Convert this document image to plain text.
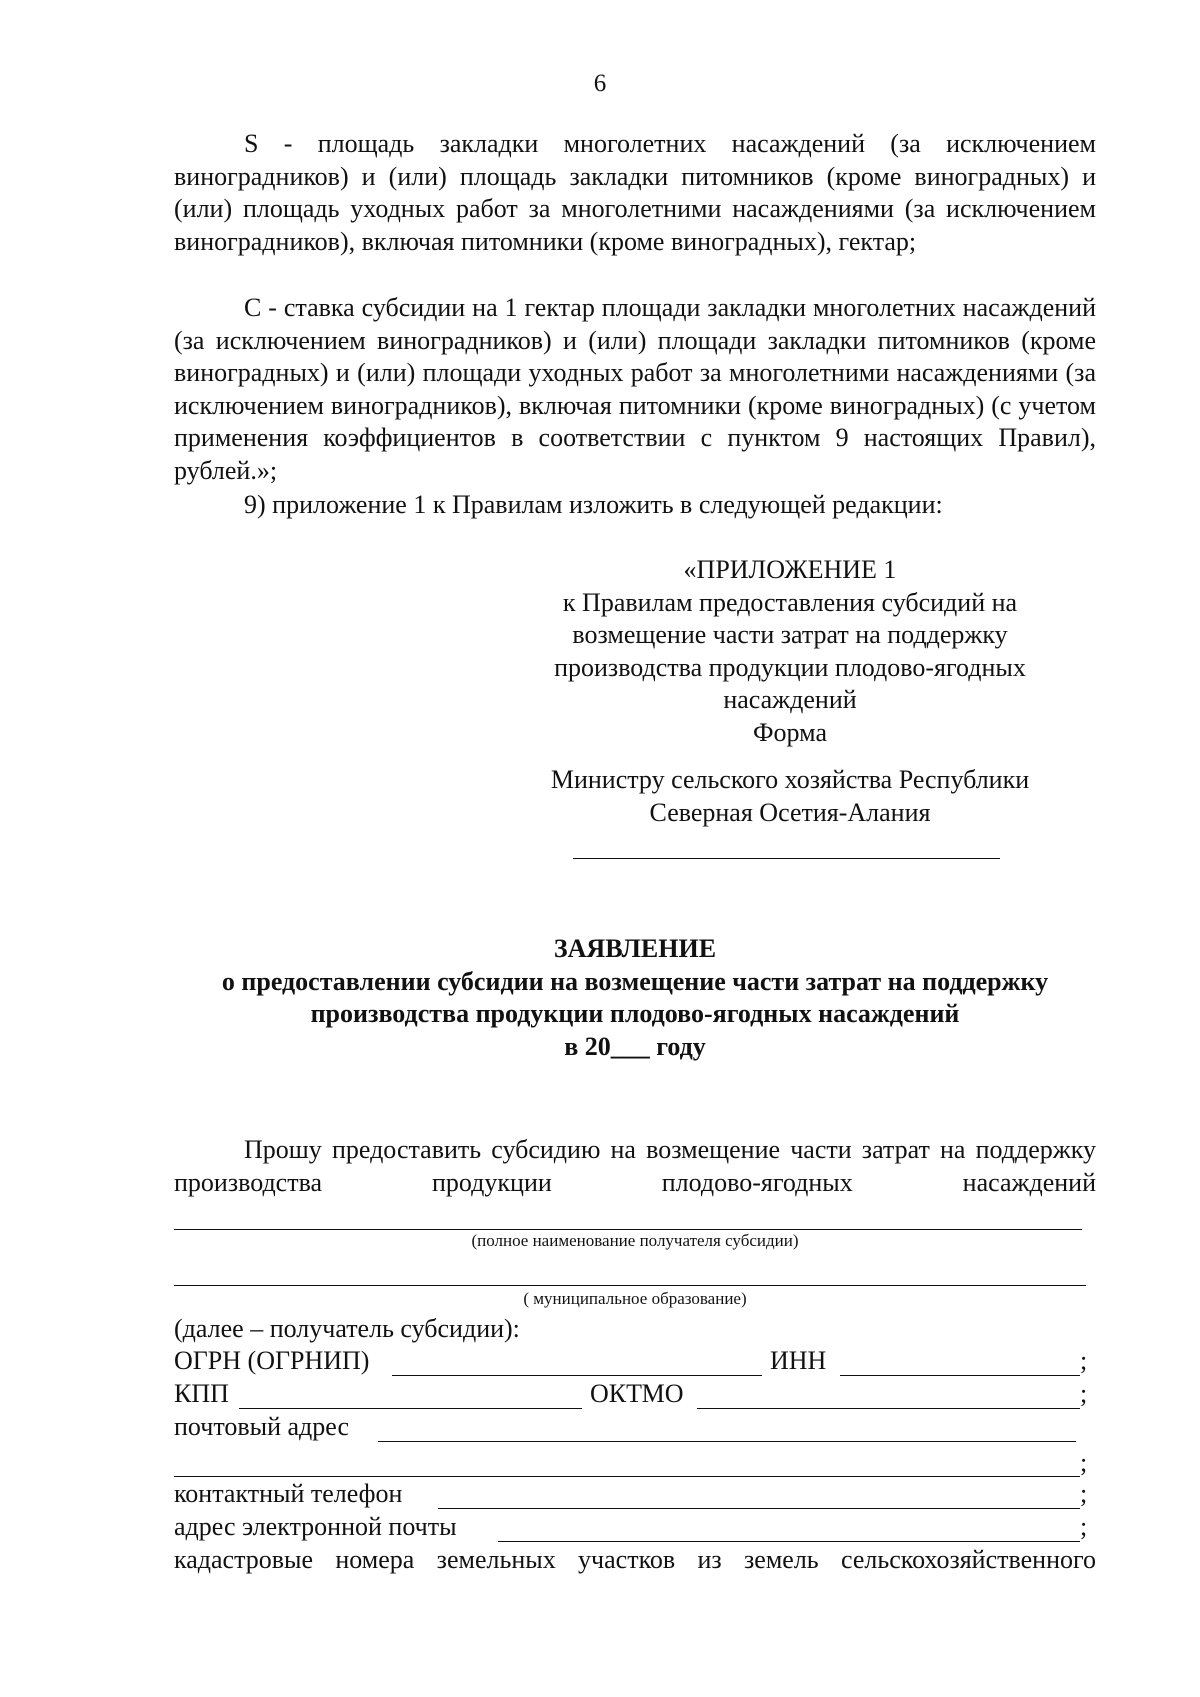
6

S - площадь закладки многолетних насаждений (за исключением виноградников) и (или) площадь закладки питомников (кроме виноградных) и (или) площадь уходных работ за многолетними насаждениями (за исключением виноградников), включая питомники (кроме виноградных), гектар;

С - ставка субсидии на 1 гектар площади закладки многолетних насаждений (за исключением виноградников) и (или) площади закладки питомников (кроме виноградных) и (или) площади уходных работ за многолетними насаждениями (за исключением виноградников), включая питомники (кроме виноградных) (с учетом применения коэффициентов в соответствии с пунктом 9 настоящих Правил), рублей.»;

9) приложение 1 к Правилам изложить в следующей редакции:

«ПРИЛОЖЕНИЕ 1
к Правилам предоставления субсидий на
возмещение части затрат на поддержку
производства продукции плодово-ягодных
насаждений
Форма
Министру сельского хозяйства Республики
Северная Осетия-Алания
ЗАЯВЛЕНИЕ
о предоставлении субсидии на возмещение части затрат на поддержку
производства продукции плодово-ягодных насаждений
в 20___ году

Прошу предоставить субсидию на возмещение части затрат на поддержку производства продукции плодово-ягодных насаждений

(полное наименование получателя субсидии)
( муниципальное образование)
(далее – получатель субсидии):
ОГРН (ОГРНИП)	ИНН	;
КПП	ОКТМО	;
почтовый адрес
;
контактный телефон	;
адрес электронной почты	;

кадастровые номера земельных участков из земель сельскохозяйственного
